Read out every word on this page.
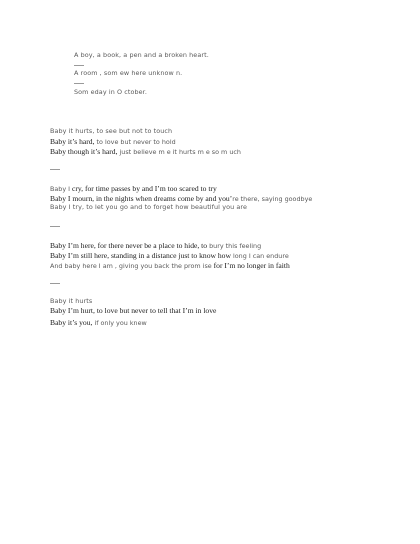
A boy, a book, a pen and a broken heart.
A room , som ew here unknow n.
Som eday in O ctober.
Baby it hurts, to see but not to touch
Baby it’s hard, to love but never to hold
Baby though it’s hard, just believe m e it hurts m e so m uch
Baby I cry, for time passes by and I’m too scared to try
Baby I mourn, in the nights when dreams come by and you’re there, saying goodbye
Baby I try, to let you go and to forget how beautiful you are
Baby I’m here, for there never be a place to hide, to bury this feeling
Baby I’m still here, standing in a distance just to know how long I can endure
And baby here I am , giving you back the prom ise for I’m no longer in faith
Baby it hurts
Baby I’m hurt, to love but never to tell that I’m in love
Baby it’s you, if only you knew
